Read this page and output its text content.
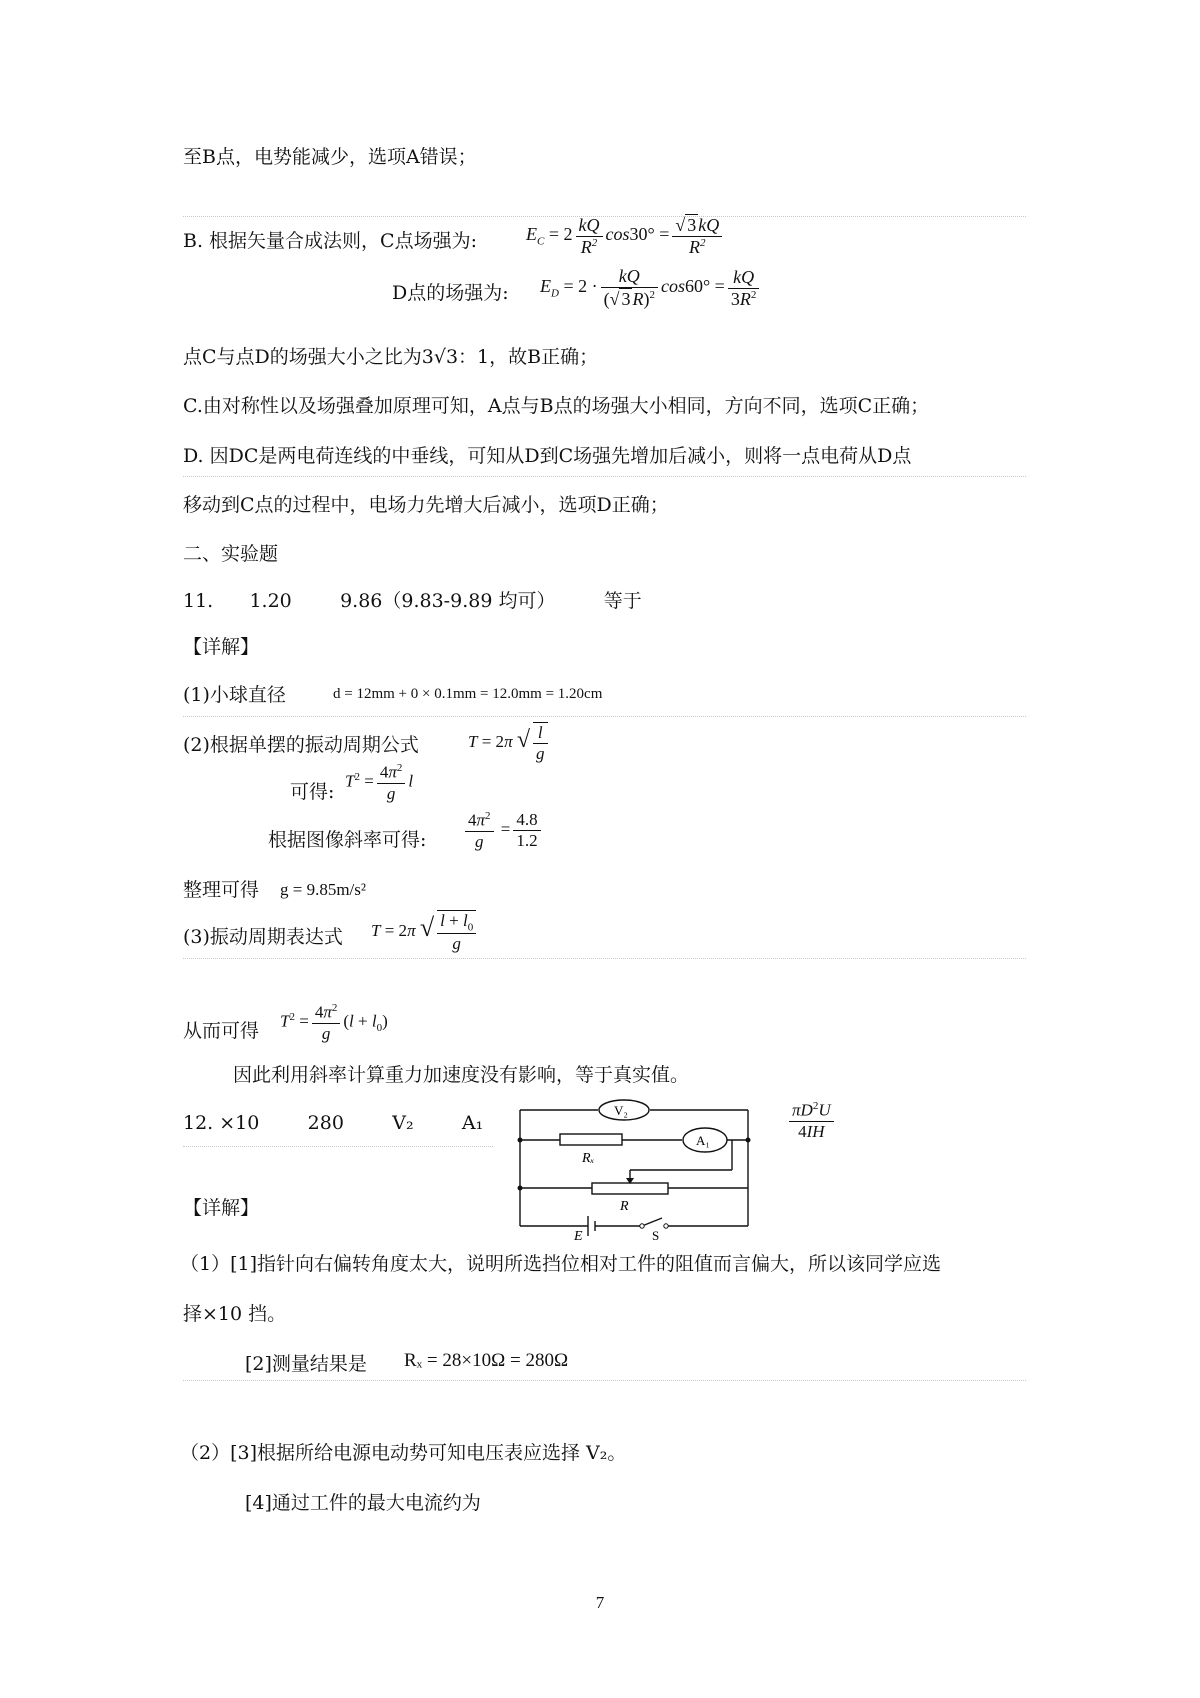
至B点，电势能减少，选项A错误；
B. 根据矢量合成法则，C点场强为:	$E_C = 2 \frac{kQ}{R^2} \cos 30^\circ = \frac{√ 3 kQ}{R^2}$
D点的场强为: $E_D = 2 \cdot \frac{kQ}{(√ 3 R)^2} \cos 60^\circ = \frac{kQ}{3R^2}$
点C与点D的场强大小之比为3√3：1，故B正确；
C.由对称性以及场强叠加原理可知，A点与B点的场强大小相同，方向不同，选项C正确；
D. 因DC是两电荷连线的中垂线，可知从D到C场强先增加后减小，则将一点电荷从D点
移动到C点的过程中，电场力先增大后减小，选项D正确；
二、实验题
11.      1.20        9.86（9.83-9.89 均可）        等于
【详解】
(1)小球直径	d = 12mm + 0 × 0.1mm = 12.0mm = 1.20cm
(2)根据单摆的振动周期公式	T = 2π √ $\frac{l}{g}$
可得: $T^2 = \frac{4\pi^2}{g}$ l
根据图像斜率可得: $\frac{4\pi^2}{g} = \frac{4.8}{1.2}$
整理可得 g = 9.85m/s²
(3)振动周期表达式 T = 2π √ $\frac{l + l_0}{g}$
从而可得 $T^2 = \frac{4\pi^2}{g} (l + l_0)$
因此利用斜率计算重力加速度没有影响，等于真实值。
12. ×10        280        V₂        A₁
V₂
A₁
Rₓ
R
E	S
$\frac{\pi D^2U}{4IH}$
【详解】
（1）[1]指针向右偏转角度太大，说明所选挡位相对工件的阻值而言偏大，所以该同学应选
择×10 挡。
[2]测量结果是 Rₓ = 28×10Ω = 280Ω
（2）[3]根据所给电源电动势可知电压表应选择 V₂。
[4]通过工件的最大电流约为
7
